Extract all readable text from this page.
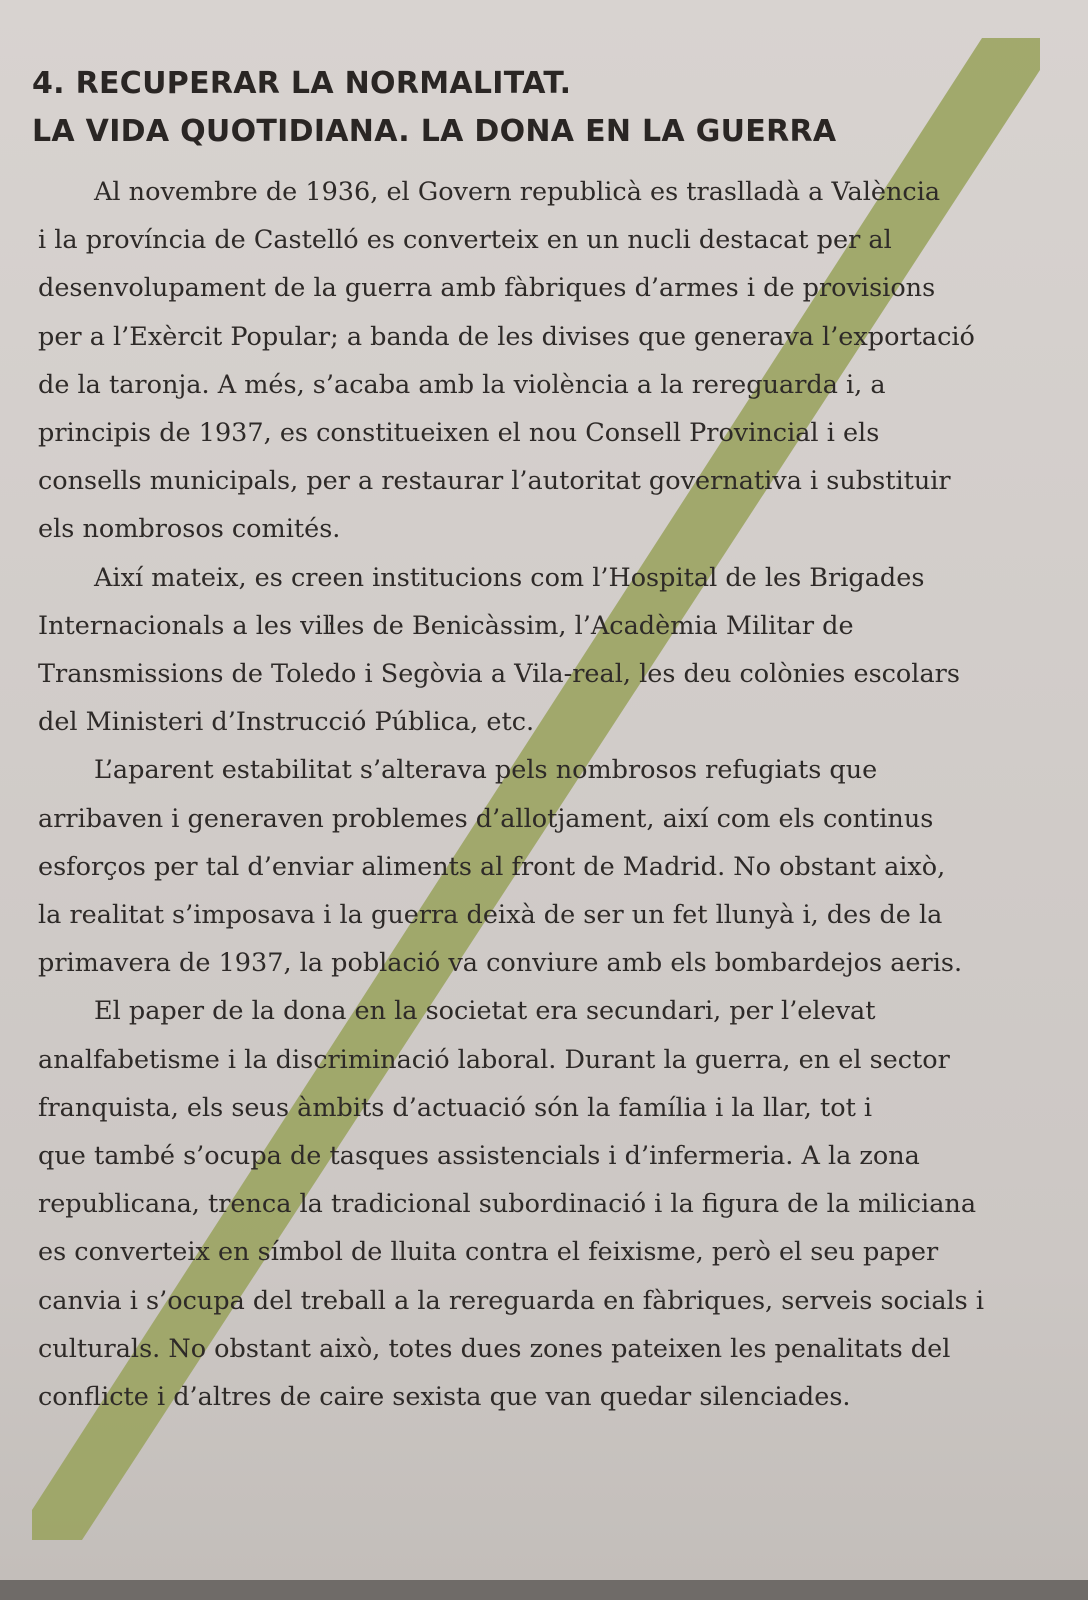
4. RECUPERAR LA NORMALITAT.
LA VIDA QUOTIDIANA. LA DONA EN LA GUERRA
Al novembre de 1936, el Govern republicà es traslladà a València
i la província de Castelló es converteix en un nucli destacat per al
desenvolupament de la guerra amb fàbriques d’armes i de provisions
per a l’Exèrcit Popular; a banda de les divises que generava l’exportació
de la taronja. A més, s’acaba amb la violència a la rereguarda i, a
principis de 1937, es constitueixen el nou Consell Provincial i els
consells municipals, per a restaurar l’autoritat governativa i substituir
els nombrosos comités.
Així mateix, es creen institucions com l’Hospital de les Brigades
Internacionals a les viŀles de Benicàssim, l’Acadèmia Militar de
Transmissions de Toledo i Segòvia a Vila-real, les deu colònies escolars
del Ministeri d’Instrucció Pública, etc.
L’aparent estabilitat s’alterava pels nombrosos refugiats que
arribaven i generaven problemes d’allotjament, així com els continus
esforços per tal d’enviar aliments al front de Madrid. No obstant això,
la realitat s’imposava i la guerra deixà de ser un fet llunyà i, des de la
primavera de 1937, la població va conviure amb els bombardejos aeris.
El paper de la dona en la societat era secundari, per l’elevat
analfabetisme i la discriminació laboral. Durant la guerra, en el sector
franquista, els seus àmbits d’actuació són la família i la llar, tot i
que també s’ocupa de tasques assistencials i d’infermeria. A la zona
republicana, trenca la tradicional subordinació i la figura de la miliciana
es converteix en símbol de lluita contra el feixisme, però el seu paper
canvia i s’ocupa del treball a la rereguarda en fàbriques, serveis socials i
culturals. No obstant això, totes dues zones pateixen les penalitats del
conflicte i d’altres de caire sexista que van quedar silenciades.
